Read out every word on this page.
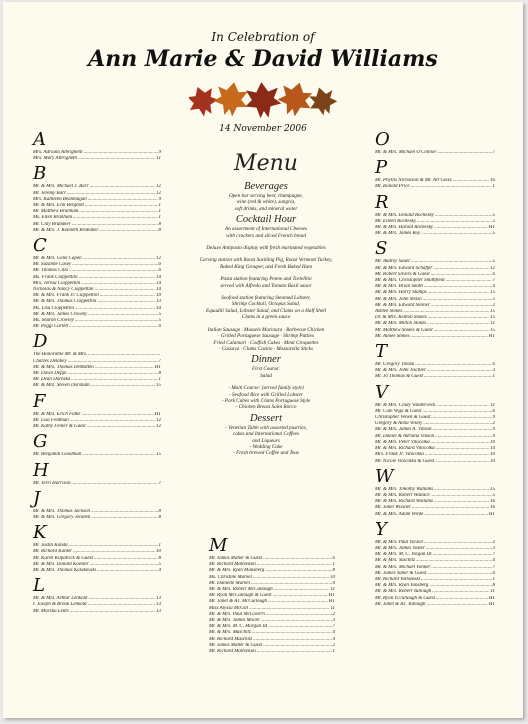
In Celebration of
Ann Marie & David Williams
14 November 2006
A
Mrs. Adriana Albrighetti .....	9
Mrs. Mary Albrighetti .....	11
B
Mr. & Mrs. Michael J. Barr .....	12
Mr. Jeremy Barr .....	12
Mrs. Kathleen Beanmagan .....	9
Mr. & Mrs. Erik Bergholt .....	1
Mr. Matthew Branham .....	1
Ms. Ellen Branham .....	1
Mr. Clay Brubaker .....	8
Mr. & Mrs. J. Kenneth Brubaker .....	8
C
Mr. & Mrs. Gene Capen .....	12
Mr. Suzanne Casey .....	6
Mr. Thomas Cillo .....	6
Ms. Frank Cioppettini .....	14
Mrs. Teresa Cioppettini .....	14
Nicholas & Nancy Cioppettini .....	14
Mr. & Mrs. Frank Jr. Cioppettini .....	10
Mr. & Mrs. Thomas Cioppettini .....	13
Ms. Lisa Cioppettini .....	14
Mr. & Mrs. James Crowley .....	5
Ms. Sharon Crowley .....	5
Mr. Peggi Curlett .....	6
D
The Honorable Mr. & Mrs.
.....
Charles Delahey .....	7
Mr. & Mrs. Thomas DeMatteo .....	HT
Mr. Dawn Deppi .....	8
Mr. Dean Doroska .....	1
Mr. & Mrs. Steven Dorsham .....	15
F
Mr. & Mrs. Erich Falke .....	HT
Mr. Lisa Feldman .....	12
Mr. Kathy Fenler & Guest .....	12
G
Mr. Benjamin Goodman .....	15
H
Mr. Terri Harrison .....	7
J
Mr. & Mrs. Thomas Jackson .....	8
Mr. & Mrs. Gregory Jenolen .....	8
K
Mr. Justin Kanda .....	1
Mr. Richard Kanter .....	10
Mr. Karen Kilpatrick & Guest .....	8
Mr. & Mrs. Donald Koester .....	5
Mr. & Mrs. Thomas Kolakovski .....	4
L
Mr. & Mrs. Arthur Lenkold .....	13
r. Joseph & Brook Lenkold .....	13
Mr. Marsha Lents .....	13
O
Mr. & Mrs. Michael O'Connor .....	7
P
Mr. Phyllis Nicholson & Mr. Art Geiss .....	16
Mr. Ronald Price .....	1
R
Mr. & Mrs. Donald Rochesky .....	5
Mr. Eileen Rochesky .....	5
Mr. & Mrs. Harold Rochesky .....	HT
Mr. & Mrs. James Roy .....	5
S
Mr. Audrey Sauer .....	5
Mr. & Mrs. Edward Schaffer .....	12
Mr. Robert Silvers & Guest .....	6
Mr. & Mrs. Christopher Smithfield .....	7
Mr. & Mrs. Brian Smith .....	4
Mr. & Mrs. Harry Stamps .....	15
Mr. & Mrs. John Stelzo .....	5
Mr. & Mrs. Edward Steiner .....	2
Ashlee Stokes .....	15
Dr. & Mrs. Kenton Stokes .....	15
Mr. & Mrs. Milton Stokes .....	11
Mr. Matthew Stokes & Guest .....	15
Mr. Aimee Stokes .....	HT
T
Mr. Gregory Tinoza .....	6
Mr. & Mrs. John Tischler .....	3
Mr. Jo Thomas & Guest .....	1
V
Mr. & Mrs. Cindy Vanderveen .....	11
Mr. Cate Vega & Guest .....	6
Christopher Venen & Guest .....	9
Gregory & Anna Vesely .....	2
Mr. & Mrs. James A. Vinson .....	9
Mr. Daniel & Adriana Vinson .....	9
Mr. & Mrs. Peter Vitocolka .....	10
Mr. & Mrs. Richard Vitocolka .....	14
Mrs. Frank Jr. Vitocolka .....	10
Mr. Nicole Vitocolka & Guest .....	10
W
Mr. & Mrs. Timothy Wallams .....	15
Mr. & Mrs. Robert Wallace .....	5
Mr. & Mrs. Richard Wallams .....	16
Mr. Janet Wissner .....	16
Mr. & Mrs. Adam Wirde .....	HT
Y
Mr. & Mrs. Paul Yorzen .....	2
Mr. & Mrs. James Yoster .....	3
Mr. & Mrs. M. C. Yorgan III .....	7
Mr. & Mrs. Yaschitz .....	4
Mr. & Mrs. Michael Yonner .....	7
Mr. James Yaher & Guest .....	6
Mr. Richard Yaltsenski .....	1
Mr. & Mrs. Ryan Yansberg .....	8
Mr. & Mrs. Robert Yullough .....	11
Mr. Ryan Yccullough & Guest .....	HT
Mr. Janet & AJ. Yullough .....	HT
M
Mr. James Maher & Guest .....	6
Mr. Richard Maltsenski .....	1
Mr. & Mrs. Ryan Mansberg .....	8
Ms. Christine Markel .....	10
Mr. Danielle Markel .....	9
Mr. & Mrs. Robert McCullough .....	11
Mr. Ryan McCullough & Guest .....	HT
Mr. Janet & AJ. McCullough .....	HT
Miss Alyssa McGill .....	11
Mr. & Mrs. Paul McGovern .....	2
Mr. & Mrs. James Moore .....	3
Mr. & Mrs. M. C. Morgan III .....	7
Mr. & Mrs. Muschitz .....	4
Mr. Richard Muschitz .....	4
Mr. James Maher & Guest .....	2
Mr. Richard Maltsenski .....	1
Menu
Beverages
Open bar serving beer, champagne,
wine (red & white), sangria,
soft drinks, and mineral water
Cocktail Hour
An assortment of International Cheeses
with crackers and sliced French bread
Deluxe Antipasto display with fresh marinated vegetables
Carving station with Roast Suckling Pig, Roast Vermont Turkey,
Baked King Grouper, and Fresh Baked Ham
Pasta station featuring Penne and Tortellini
served with Alfredo and Tomato Basil sauce
Seafood station featuring Steamed Lobster,
Shrimp Cocktail, Octopus Salad,
Equadili Salad, Lobster Salad, and Clams on a Half Shell
Clams in a green sauce
Italian Sausage · Mussels Marinara · Barbecue Chicken
· Grilled Portuguese Sausage · Shrimp Patties
Fried Calamari · Codfish Cakes · Meat Croquettes
· Cassava · Clams Casino · Mozzarella Sticks
Dinner
First Course:
Salad
- Main Course: (served family style)
- Seafood Rice with Grilled Lobster
- Pork Cubes with Clams Portuguese Style
- Chicken Breast Saint Rocco
Dessert
- Venetian Table with assorted pastries,
cakes and International Coffees
and Liqueurs
- Wedding Cake
- Fresh brewed Coffee and Teas
